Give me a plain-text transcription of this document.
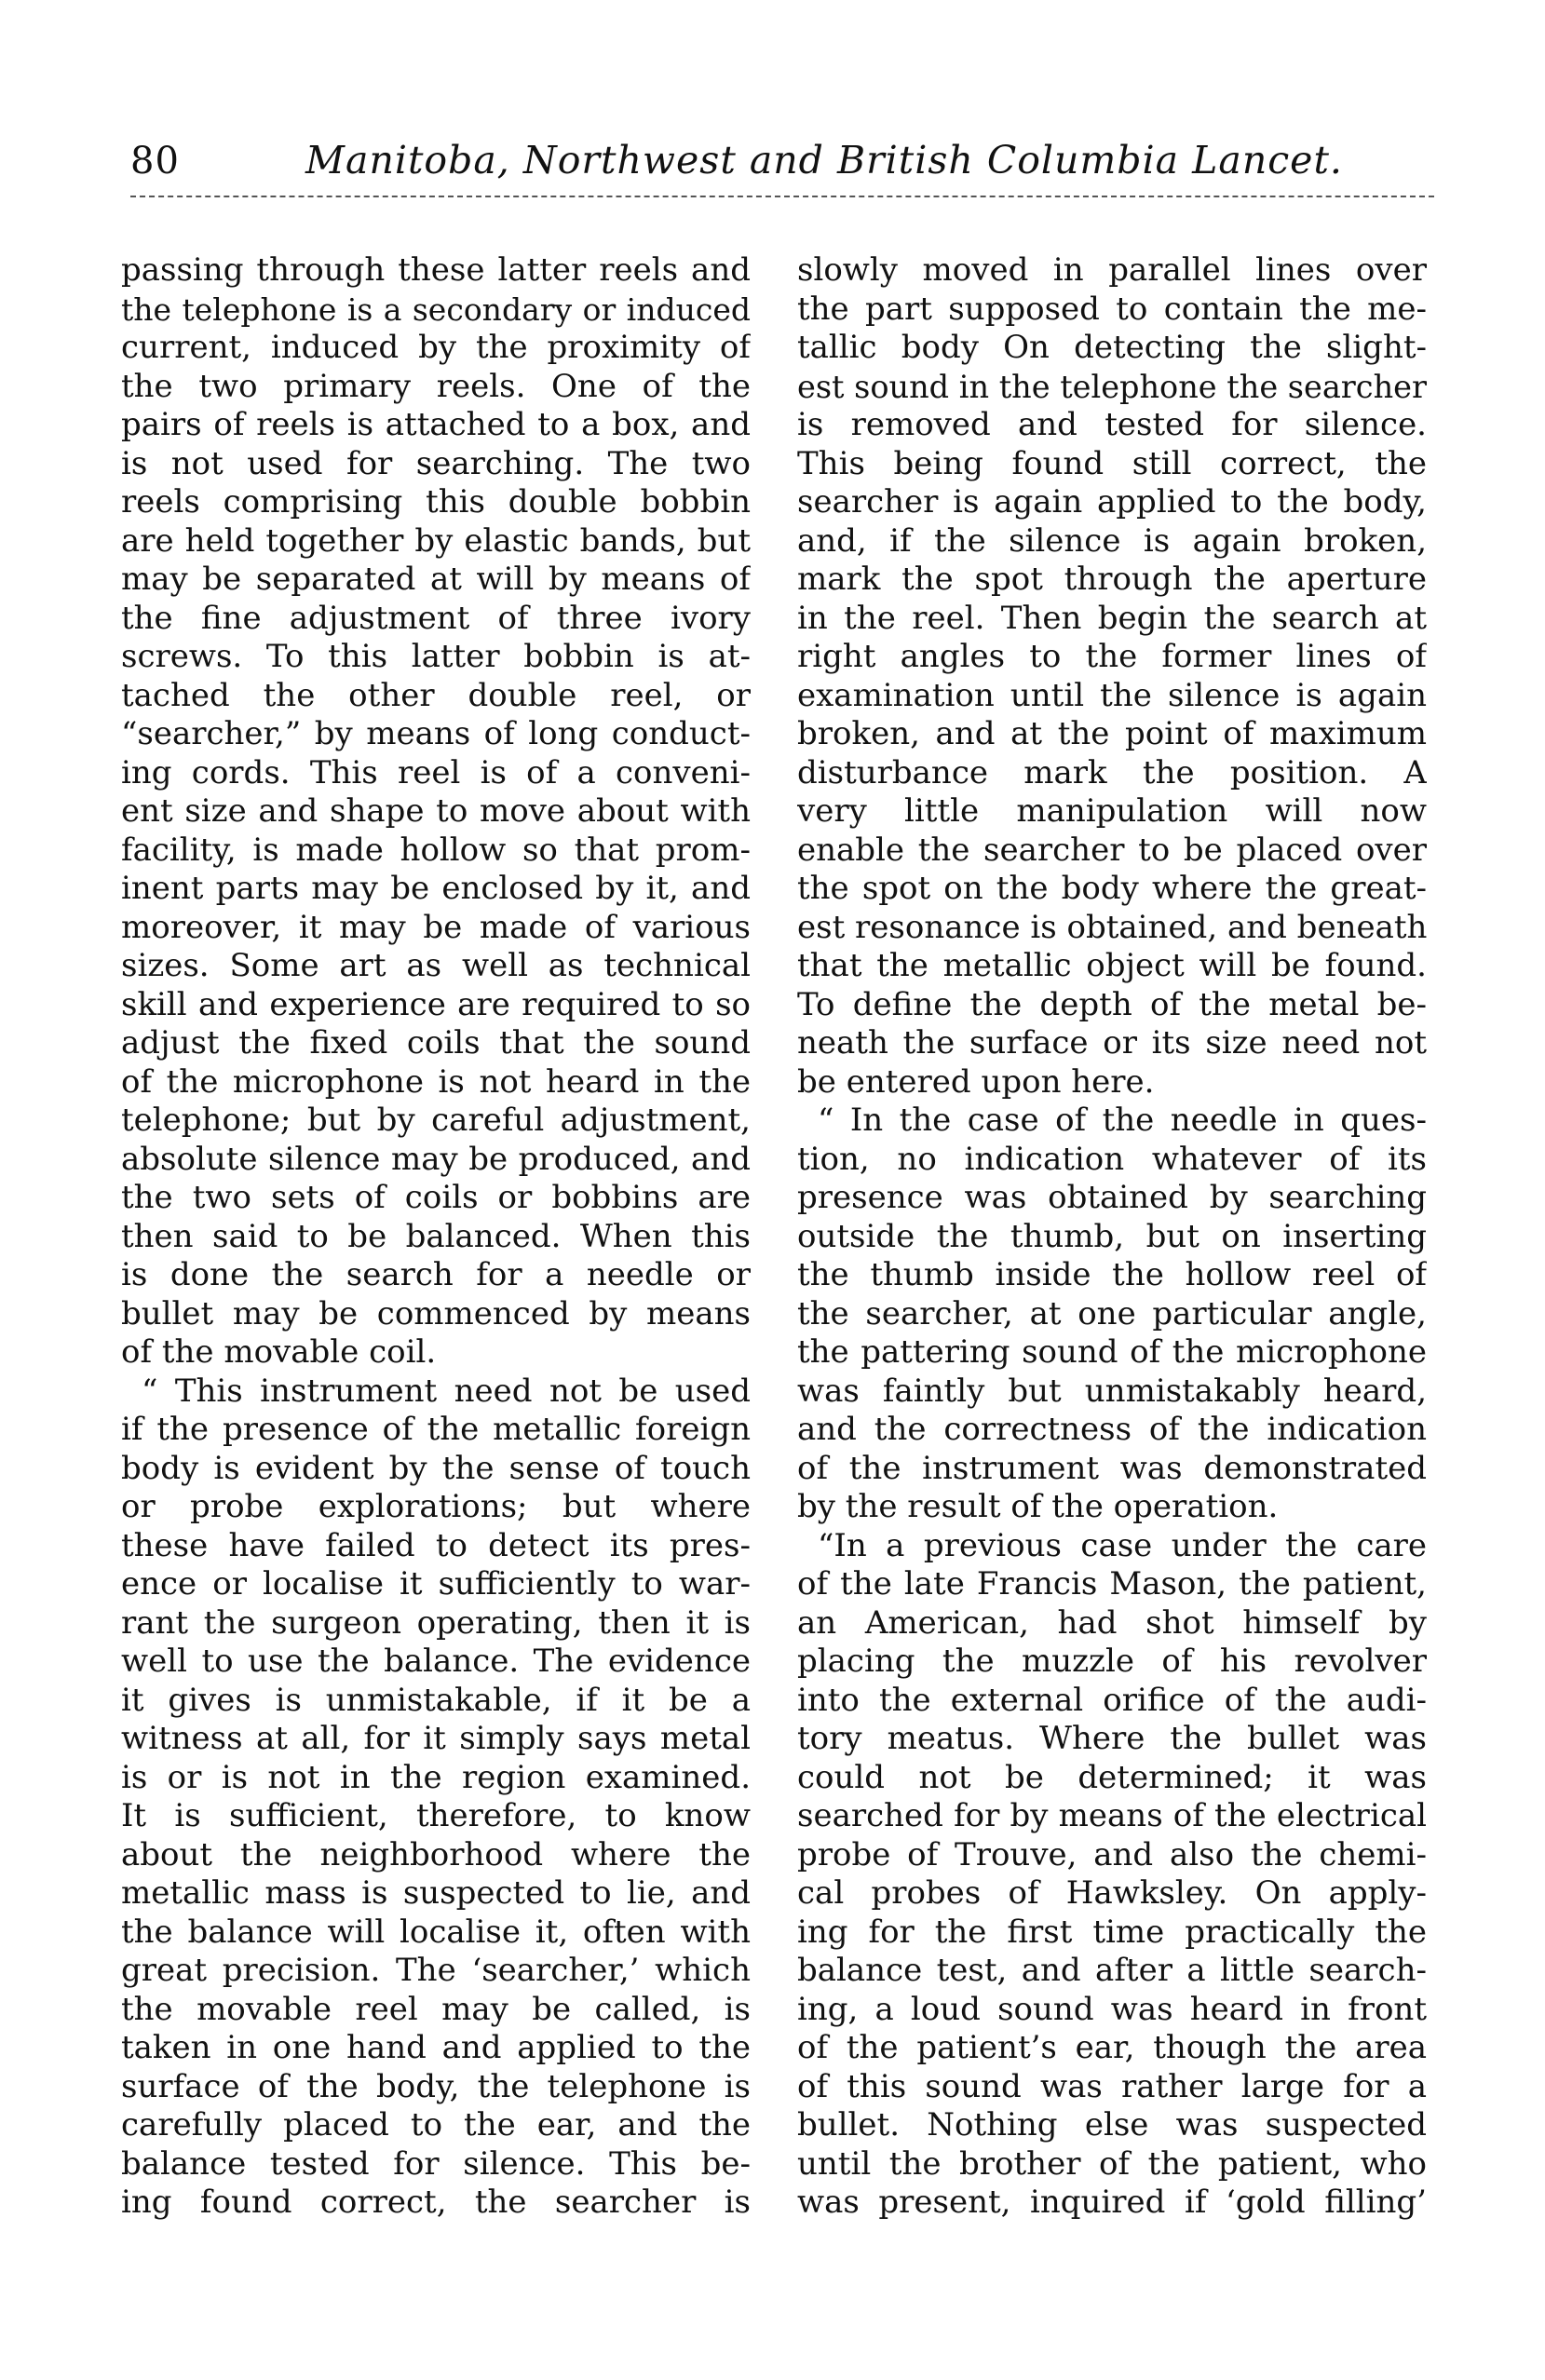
80	Manitoba, Northwest and British Columbia Lancet.
passing through these latter reels and
the telephone is a secondary or induced
current, induced by the proximity of
the two primary reels. One of the
pairs of reels is attached to a box, and
is not used for searching. The two
reels comprising this double bobbin
are held together by elastic bands, but
may be separated at will by means of
the fine adjustment of three ivory
screws. To this latter bobbin is at-
tached the other double reel, or
“searcher,” by means of long conduct-
ing cords. This reel is of a conveni-
ent size and shape to move about with
facility, is made hollow so that prom-
inent parts may be enclosed by it, and
moreover, it may be made of various
sizes. Some art as well as technical
skill and experience are required to so
adjust the fixed coils that the sound
of the microphone is not heard in the
telephone; but by careful adjustment,
absolute silence may be produced, and
the two sets of coils or bobbins are
then said to be balanced. When this
is done the search for a needle or
bullet may be commenced by means
of the movable coil.
“ This instrument need not be used
if the presence of the metallic foreign
body is evident by the sense of touch
or probe explorations; but where
these have failed to detect its pres-
ence or localise it sufficiently to war-
rant the surgeon operating, then it is
well to use the balance. The evidence
it gives is unmistakable, if it be a
witness at all, for it simply says metal
is or is not in the region examined.
It is sufficient, therefore, to know
about the neighborhood where the
metallic mass is suspected to lie, and
the balance will localise it, often with
great precision. The ‘searcher,’ which
the movable reel may be called, is
taken in one hand and applied to the
surface of the body, the telephone is
carefully placed to the ear, and the
balance tested for silence. This be-
ing found correct, the searcher is
slowly moved in parallel lines over
the part supposed to contain the me-
tallic body On detecting the slight-
est sound in the telephone the searcher
is removed and tested for silence.
This being found still correct, the
searcher is again applied to the body,
and, if the silence is again broken,
mark the spot through the aperture
in the reel. Then begin the search at
right angles to the former lines of
examination until the silence is again
broken, and at the point of maximum
disturbance mark the position. A
very little manipulation will now
enable the searcher to be placed over
the spot on the body where the great-
est resonance is obtained, and beneath
that the metallic object will be found.
To define the depth of the metal be-
neath the surface or its size need not
be entered upon here.
“ In the case of the needle in ques-
tion, no indication whatever of its
presence was obtained by searching
outside the thumb, but on inserting
the thumb inside the hollow reel of
the searcher, at one particular angle,
the pattering sound of the microphone
was faintly but unmistakably heard,
and the correctness of the indication
of the instrument was demonstrated
by the result of the operation.
“In a previous case under the care
of the late Francis Mason, the patient,
an American, had shot himself by
placing the muzzle of his revolver
into the external orifice of the audi-
tory meatus. Where the bullet was
could not be determined; it was
searched for by means of the electrical
probe of Trouve, and also the chemi-
cal probes of Hawksley. On apply-
ing for the first time practically the
balance test, and after a little search-
ing, a loud sound was heard in front
of the patient’s ear, though the area
of this sound was rather large for a
bullet. Nothing else was suspected
until the brother of the patient, who
was present, inquired if ‘gold filling’
